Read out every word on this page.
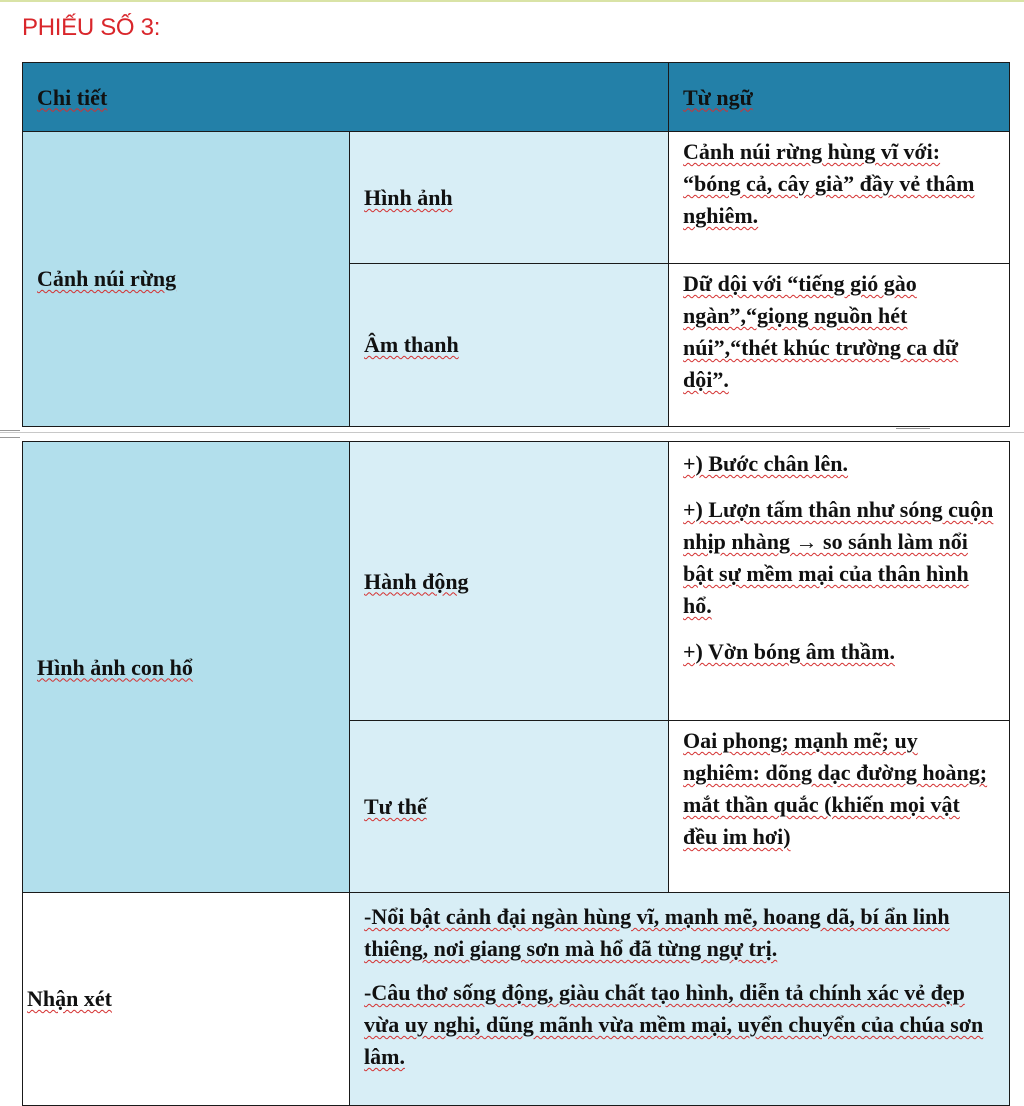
PHIẾU SỐ 3:
Chi tiết	Từ ngữ
Cảnh núi rừng
Hình ảnh
Cảnh núi rừng hùng vĩ với: “bóng cả, cây già” đầy vẻ thâm nghiêm.
Âm thanh
Dữ dội với “tiếng gió gào ngàn”,“giọng nguồn hét núi”,“thét khúc trường ca dữ dội”.
Hình ảnh con hổ
Hành động

+) Bước chân lên.

+) Lượn tấm thân như sóng cuộn nhịp nhàng → so sánh làm nổi bật sự mềm mại của thân hình hổ.

+) Vờn bóng âm thầm.

Tư thế
Oai phong; mạnh mẽ; uy nghiêm: dõng dạc đường hoàng; mắt thần quắc (khiến mọi vật đều im hơi)
Nhận xét

-Nổi bật cảnh đại ngàn hùng vĩ, mạnh mẽ, hoang dã, bí ẩn linh thiêng, nơi giang sơn mà hổ đã từng ngự trị.

-Câu thơ sống động, giàu chất tạo hình, diễn tả chính xác vẻ đẹp vừa uy nghi, dũng mãnh vừa mềm mại, uyển chuyển của chúa sơn lâm.
